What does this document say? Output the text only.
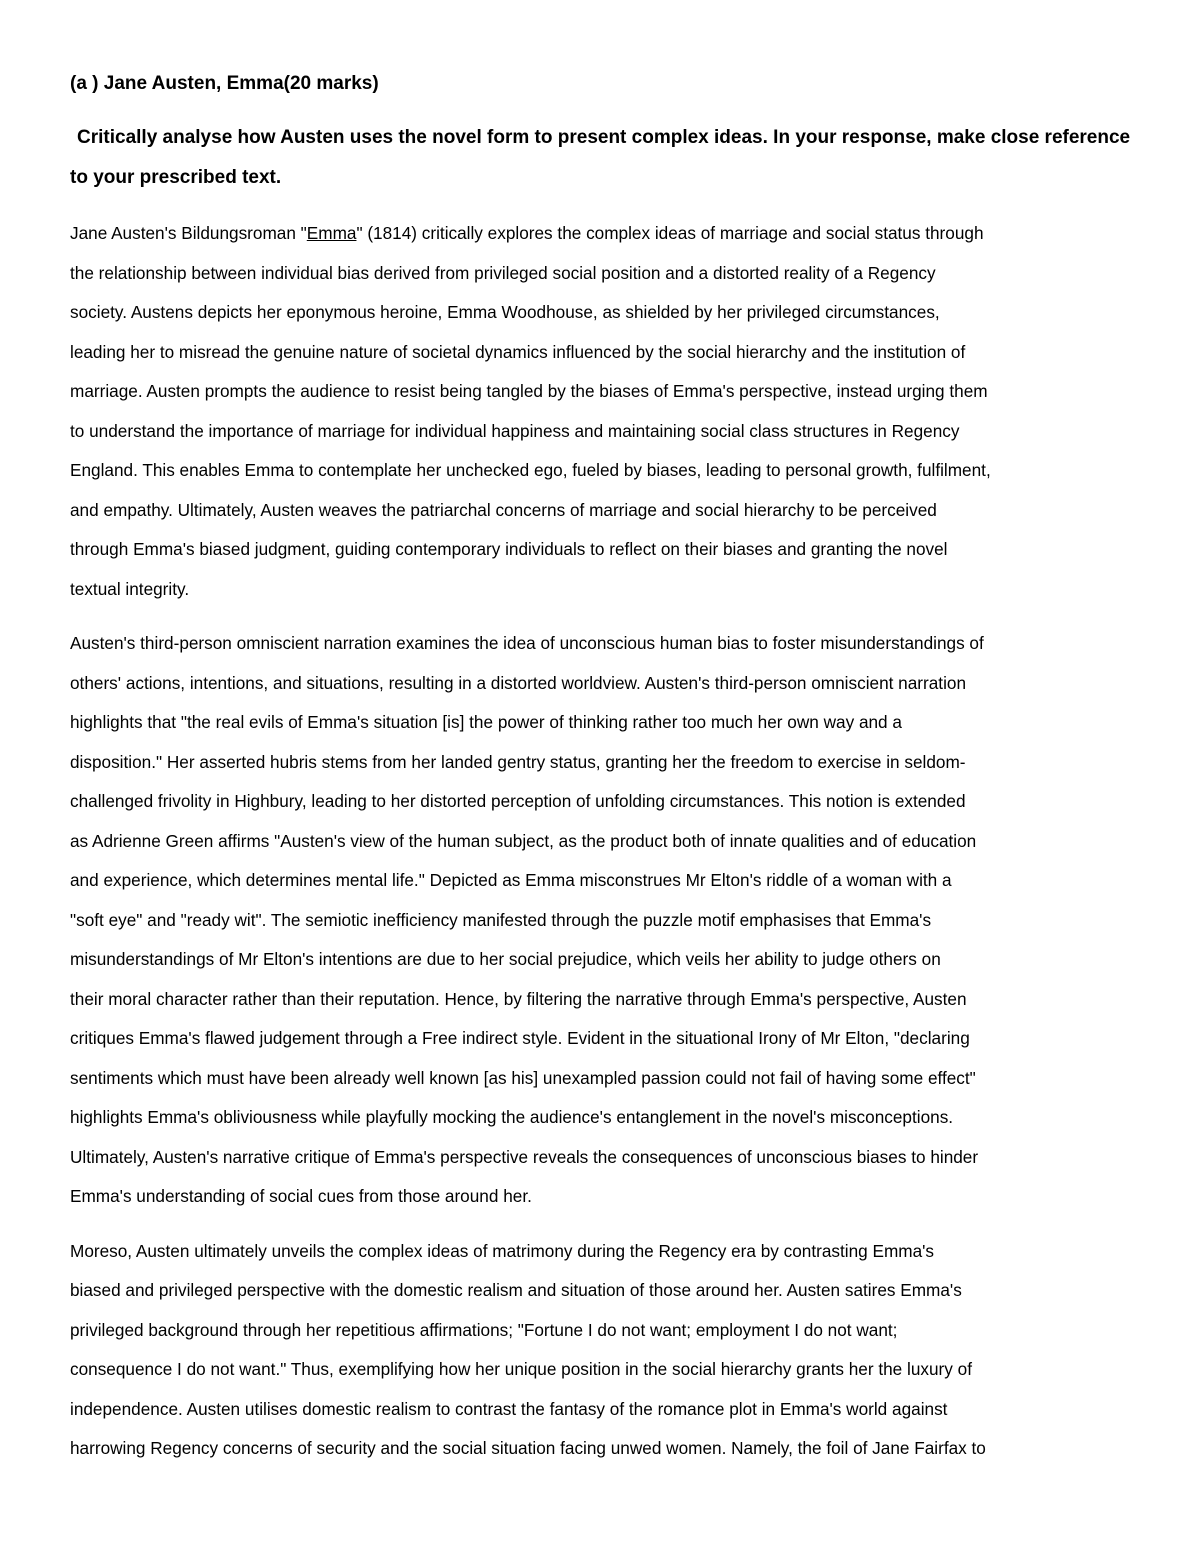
(a ) Jane Austen, Emma(20 marks)
Critically analyse how Austen uses the novel form to present complex ideas. In your response, make close reference to your prescribed text.
Jane Austen's Bildungsroman "Emma" (1814) critically explores the complex ideas of marriage and social status through
the relationship between individual bias derived from privileged social position and a distorted reality of a Regency
society. Austens depicts her eponymous heroine, Emma Woodhouse, as shielded by her privileged circumstances,
leading her to misread the genuine nature of societal dynamics influenced by the social hierarchy and the institution of
marriage. Austen prompts the audience to resist being tangled by the biases of Emma's perspective, instead urging them
to understand the importance of marriage for individual happiness and maintaining social class structures in Regency
England. This enables Emma to contemplate her unchecked ego, fueled by biases, leading to personal growth, fulfilment,
and empathy. Ultimately, Austen weaves the patriarchal concerns of marriage and social hierarchy to be perceived
through Emma's biased judgment, guiding contemporary individuals to reflect on their biases and granting the novel
textual integrity.
Austen's third-person omniscient narration examines the idea of unconscious human bias to foster misunderstandings of
others' actions, intentions, and situations, resulting in a distorted worldview. Austen's third-person omniscient narration
highlights that "the real evils of Emma's situation [is] the power of thinking rather too much her own way and a
disposition." Her asserted hubris stems from her landed gentry status, granting her the freedom to exercise in seldom-
challenged frivolity in Highbury, leading to her distorted perception of unfolding circumstances. This notion is extended
as Adrienne Green affirms "Austen's view of the human subject, as the product both of innate qualities and of education
and experience, which determines mental life." Depicted as Emma misconstrues Mr Elton's riddle of a woman with a
"soft eye" and "ready wit". The semiotic inefficiency manifested through the puzzle motif emphasises that Emma's
misunderstandings of Mr Elton's intentions are due to her social prejudice, which veils her ability to judge others on
their moral character rather than their reputation. Hence, by filtering the narrative through Emma's perspective, Austen
critiques Emma's flawed judgement through a Free indirect style. Evident in the situational Irony of Mr Elton, "declaring
sentiments which must have been already well known [as his] unexampled passion could not fail of having some effect"
highlights Emma's obliviousness while playfully mocking the audience's entanglement in the novel's misconceptions.
Ultimately, Austen's narrative critique of Emma's perspective reveals the consequences of unconscious biases to hinder
Emma's understanding of social cues from those around her.
Moreso, Austen ultimately unveils the complex ideas of matrimony during the Regency era by contrasting Emma's
biased and privileged perspective with the domestic realism and situation of those around her. Austen satires Emma's
privileged background through her repetitious affirmations; "Fortune I do not want; employment I do not want;
consequence I do not want." Thus, exemplifying how her unique position in the social hierarchy grants her the luxury of
independence. Austen utilises domestic realism to contrast the fantasy of the romance plot in Emma's world against
harrowing Regency concerns of security and the social situation facing unwed women. Namely, the foil of Jane Fairfax to
